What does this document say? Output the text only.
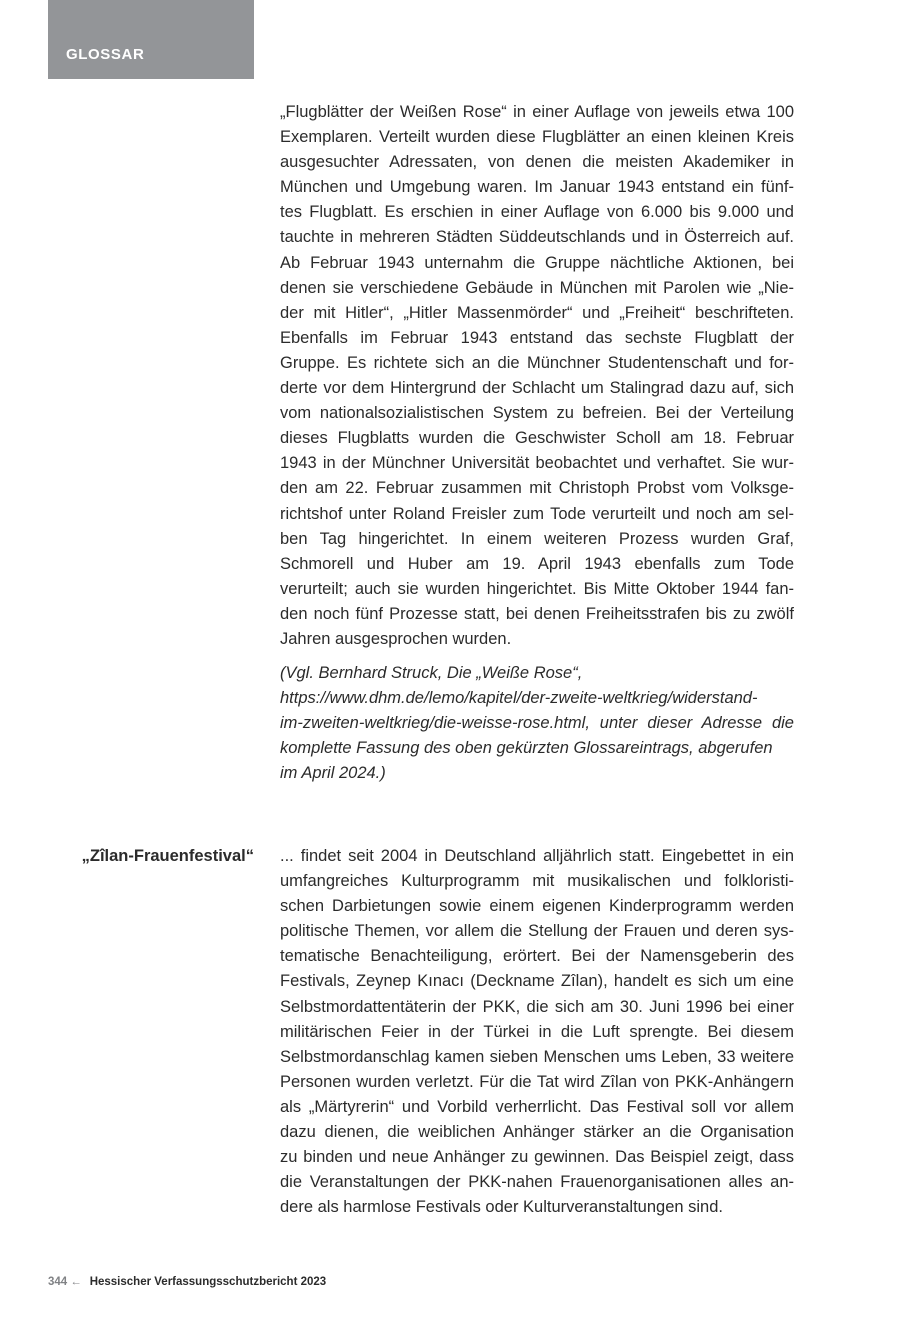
GLOSSAR

„Flugblätter der Weißen Rose“ in einer Auflage von jeweils etwa 100
Exemplaren. Verteilt wurden diese Flugblätter an einen kleinen Kreis
ausgesuchter Adressaten, von denen die meisten Akademiker in
München und Umgebung waren. Im Januar 1943 entstand ein fünf-
tes Flugblatt. Es erschien in einer Auflage von 6.000 bis 9.000 und
tauchte in mehreren Städten Süddeutschlands und in Österreich auf.
Ab Februar 1943 unternahm die Gruppe nächtliche Aktionen, bei
denen sie verschiedene Gebäude in München mit Parolen wie „Nie-
der mit Hitler“, „Hitler Massenmörder“ und „Freiheit“ beschrifteten.
Ebenfalls im Februar 1943 entstand das sechste Flugblatt der
Gruppe. Es richtete sich an die Münchner Studentenschaft und for-
derte vor dem Hintergrund der Schlacht um Stalingrad dazu auf, sich
vom nationalsozialistischen System zu befreien. Bei der Verteilung
dieses Flugblatts wurden die Geschwister Scholl am 18. Februar
1943 in der Münchner Universität beobachtet und verhaftet. Sie wur-
den am 22. Februar zusammen mit Christoph Probst vom Volksge-
richtshof unter Roland Freisler zum Tode verurteilt und noch am sel-
ben Tag hingerichtet. In einem weiteren Prozess wurden Graf,
Schmorell und Huber am 19. April 1943 ebenfalls zum Tode
verurteilt; auch sie wurden hingerichtet. Bis Mitte Oktober 1944 fan-
den noch fünf Prozesse statt, bei denen Freiheitsstrafen bis zu zwölf
Jahren ausgesprochen wurden.

(Vgl. Bernhard Struck, Die „Weiße Rose“,
https://www.dhm.de/lemo/kapitel/der-zweite-weltkrieg/widerstand-
im-zweiten-weltkrieg/die-weisse-rose.html, unter dieser Adresse die
komplette Fassung des oben gekürzten Glossareintrags, abgerufen
im April 2024.)

„Zîlan-Frauenfestival“ ... findet seit 2004 in Deutschland alljährlich statt. Eingebettet in ein
umfangreiches Kulturprogramm mit musikalischen und folkloristi-
schen Darbietungen sowie einem eigenen Kinderprogramm werden
politische Themen, vor allem die Stellung der Frauen und deren sys-
tematische Benachteiligung, erörtert. Bei der Namensgeberin des
Festivals, Zeynep Kınacı (Deckname Zîlan), handelt es sich um eine
Selbstmordattentäterin der PKK, die sich am 30. Juni 1996 bei einer
militärischen Feier in der Türkei in die Luft sprengte. Bei diesem
Selbstmordanschlag kamen sieben Menschen ums Leben, 33 weitere
Personen wurden verletzt. Für die Tat wird Zîlan von PKK-Anhängern
als „Märtyrerin“ und Vorbild verherrlicht. Das Festival soll vor allem
dazu dienen, die weiblichen Anhänger stärker an die Organisation
zu binden und neue Anhänger zu gewinnen. Das Beispiel zeigt, dass
die Veranstaltungen der PKK-nahen Frauenorganisationen alles an-
dere als harmlose Festivals oder Kulturveranstaltungen sind.

344 ← Hessischer Verfassungsschutzbericht 2023
